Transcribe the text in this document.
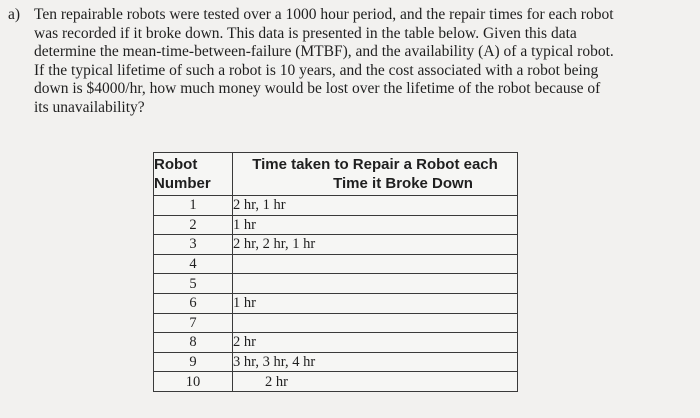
a) Ten repairable robots were tested over a 1000 hour period, and the repair times for each robot
was recorded if it broke down. This data is presented in the table below. Given this data
determine the mean-time-between-failure (MTBF), and the availability (A) of a typical robot.
If the typical lifetime of such a robot is 10 years, and the cost associated with a robot being
down is $4000/hr, how much money would be lost over the lifetime of the robot because of
its unavailability?
Robot
Number	Time taken to Repair a Robot each
Time it Broke Down

1	2 hr, 1 hr
2	1 hr
3	2 hr, 2 hr, 1 hr
4	
5	
6	1 hr
7	
8	2 hr
9	3 hr, 3 hr, 4 hr
10	2 hr
